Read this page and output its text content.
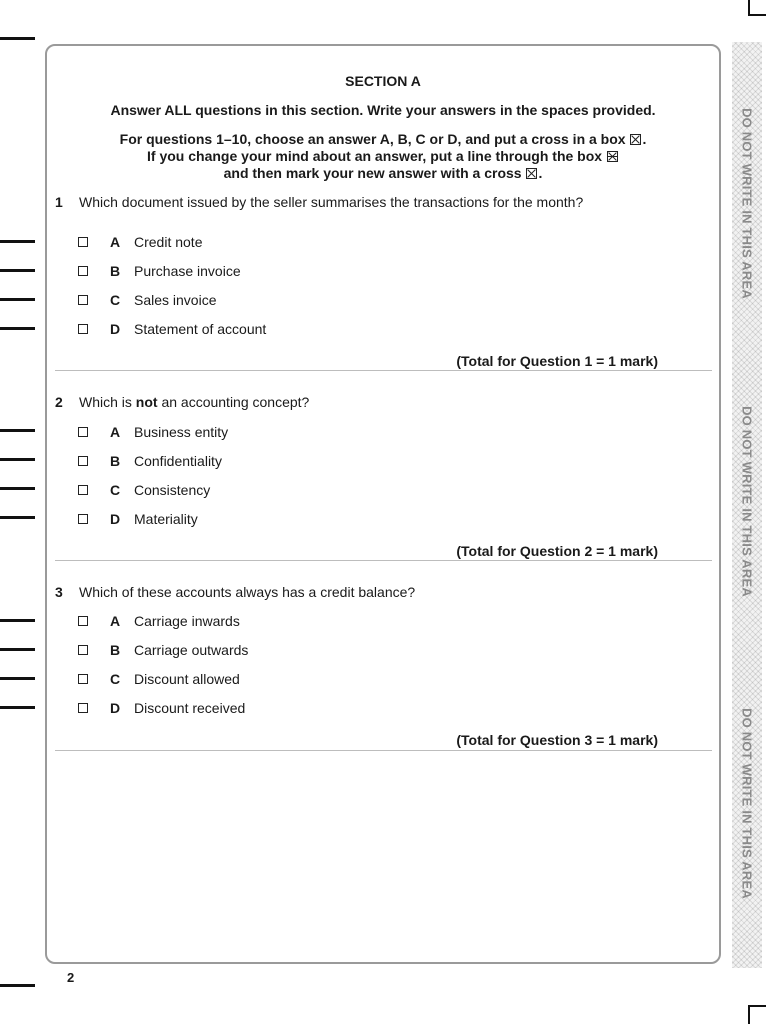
DO NOT WRITE IN THIS AREA
DO NOT WRITE IN THIS AREA
DO NOT WRITE IN THIS AREA
SECTION A
Answer ALL questions in this section. Write your answers in the spaces provided.
For questions 1–10, choose an answer A, B, C or D, and put a cross in a box ☒.
If you change your mind about an answer, put a line through the box
and then mark your new answer with a cross ☒.
1 Which document issued by the seller summarises the transactions for the month?
A Credit note
B Purchase invoice
C Sales invoice
D Statement of account
(Total for Question 1 = 1 mark)
2 Which is not an accounting concept?
A Business entity
B Confidentiality
C Consistency
D Materiality
(Total for Question 2 = 1 mark)
3 Which of these accounts always has a credit balance?
A Carriage inwards
B Carriage outwards
C Discount allowed
D Discount received
(Total for Question 3 = 1 mark)
2
